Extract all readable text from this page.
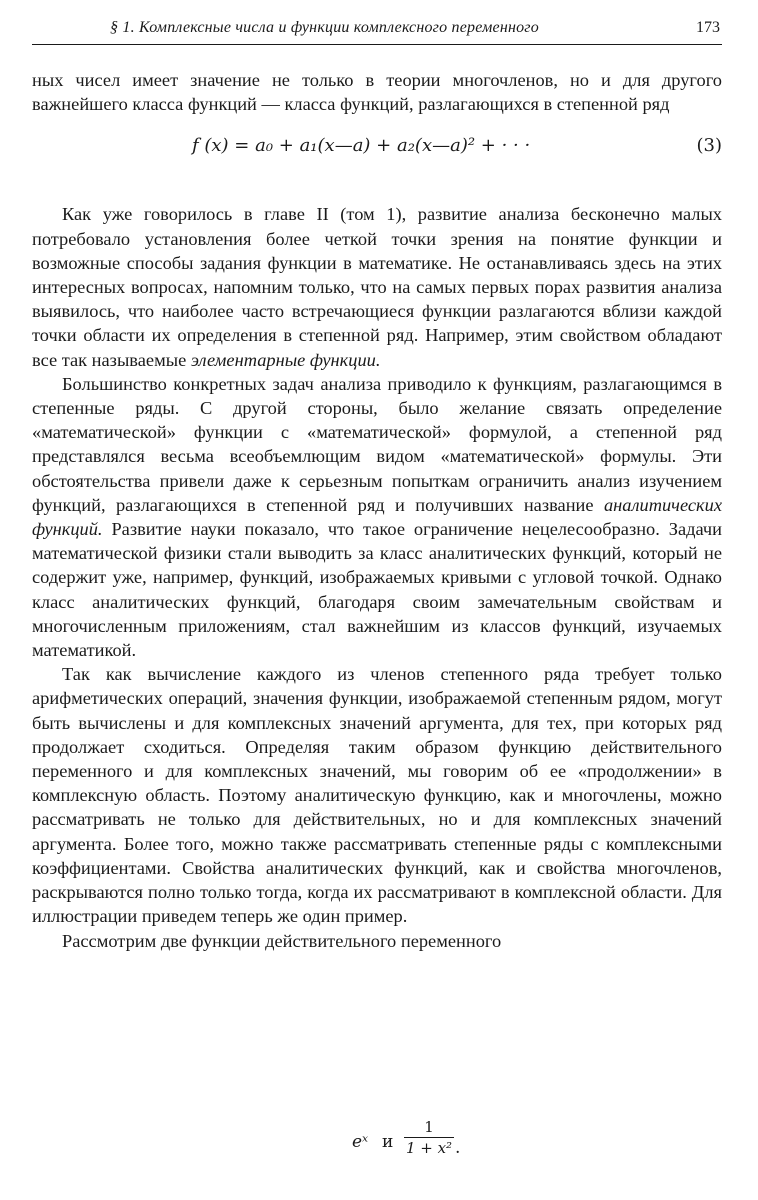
§ 1. Комплексные числа и функции комплексного переменного	173

ных чисел имеет значение не только в теории многочленов, но и для другого важнейшего класса функций — класса функций, разлагающихся в степенной ряд

f (x) = a₀ + a₁(x—a) + a₂(x—a)² + · · ·	(3)

Как уже говорилось в главе II (том 1), развитие анализа бесконечно малых потребовало установления более четкой точки зрения на понятие функции и возможные способы задания функции в математике. Не останавливаясь здесь на этих интересных вопросах, напомним только, что на самых первых порах развития анализа выявилось, что наиболее часто встречающиеся функции разлагаются вблизи каждой точки области их определения в степенной ряд. Например, этим свойством обладают все так называемые элементарные функции.

Большинство конкретных задач анализа приводило к функциям, разлагающимся в степенные ряды. С другой стороны, было желание связать определение «математической» функции с «математической» формулой, а степенной ряд представлялся весьма всеобъемлющим видом «математической» формулы. Эти обстоятельства привели даже к серьезным попыткам ограничить анализ изучением функций, разлагающихся в степенной ряд и получивших название аналитических функций. Развитие науки показало, что такое ограничение нецелесообразно. Задачи математической физики стали выводить за класс аналитических функций, который не содержит уже, например, функций, изображаемых кривыми с угловой точкой. Однако класс аналитических функций, благодаря своим замечательным свойствам и многочисленным приложениям, стал важнейшим из классов функций, изучаемых математикой.

Так как вычисление каждого из членов степенного ряда требует только арифметических операций, значения функции, изображаемой степенным рядом, могут быть вычислены и для комплексных значений аргумента, для тех, при которых ряд продолжает сходиться. Определяя таким образом функцию действительного переменного и для комплексных значений, мы говорим об ее «продолжении» в комплексную область. Поэтому аналитическую функцию, как и многочлены, можно рассматривать не только для действительных, но и для комплексных значений аргумента. Более того, можно также рассматривать степенные ряды с комплексными коэффициентами. Свойства аналитических функций, как и свойства многочленов, раскрываются полно только тогда, когда их рассматривают в комплексной области. Для иллюстрации приведем теперь же один пример.

Рассмотрим две функции действительного переменного

eˣ и
1
1 + x² .
